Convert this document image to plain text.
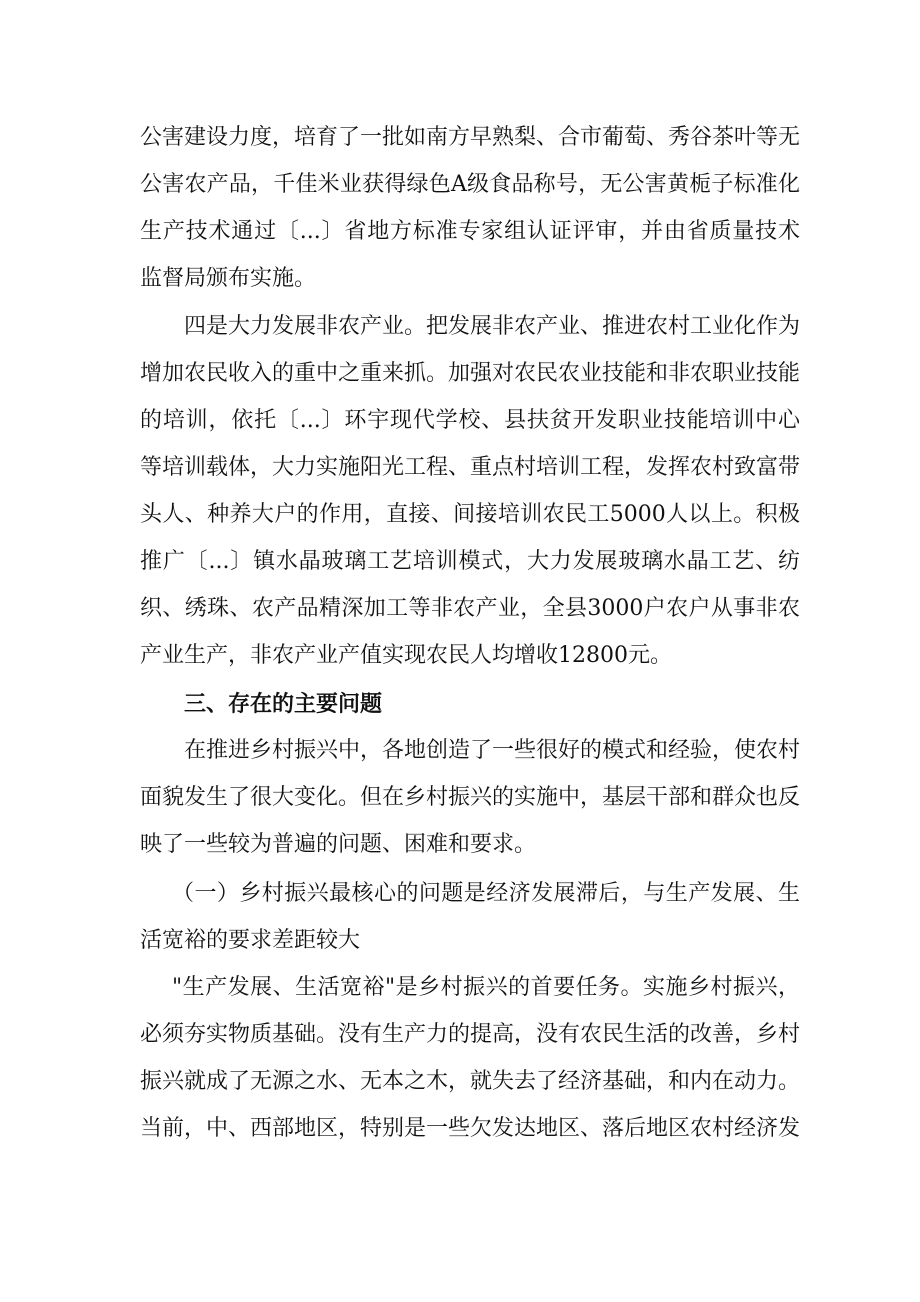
公害建设力度，培育了一批如南方早熟梨、合市葡萄、秀谷茶叶等无
公害农产品，千佳米业获得绿色A级食品称号，无公害黄栀子标准化
生产技术通过〔...〕省地方标准专家组认证评审，并由省质量技术
监督局颁布实施。
四是大力发展非农产业。把发展非农产业、推进农村工业化作为
增加农民收入的重中之重来抓。加强对农民农业技能和非农职业技能
的培训，依托〔...〕环宇现代学校、县扶贫开发职业技能培训中心
等培训载体，大力实施阳光工程、重点村培训工程，发挥农村致富带
头人、种养大户的作用，直接、间接培训农民工5000人以上。积极
推广〔...〕镇水晶玻璃工艺培训模式，大力发展玻璃水晶工艺、纺
织、绣珠、农产品精深加工等非农产业，全县3000户农户从事非农
产业生产，非农产业产值实现农民人均增收12800元。
三、存在的主要问题
在推进乡村振兴中，各地创造了一些很好的模式和经验，使农村
面貌发生了很大变化。但在乡村振兴的实施中，基层干部和群众也反
映了一些较为普遍的问题、困难和要求。
（一）乡村振兴最核心的问题是经济发展滞后，与生产发展、生
活宽裕的要求差距较大
"生产发展、生活宽裕"是乡村振兴的首要任务。实施乡村振兴，
必须夯实物质基础。没有生产力的提高，没有农民生活的改善，乡村
振兴就成了无源之水、无本之木，就失去了经济基础，和内在动力。
当前，中、西部地区，特别是一些欠发达地区、落后地区农村经济发
